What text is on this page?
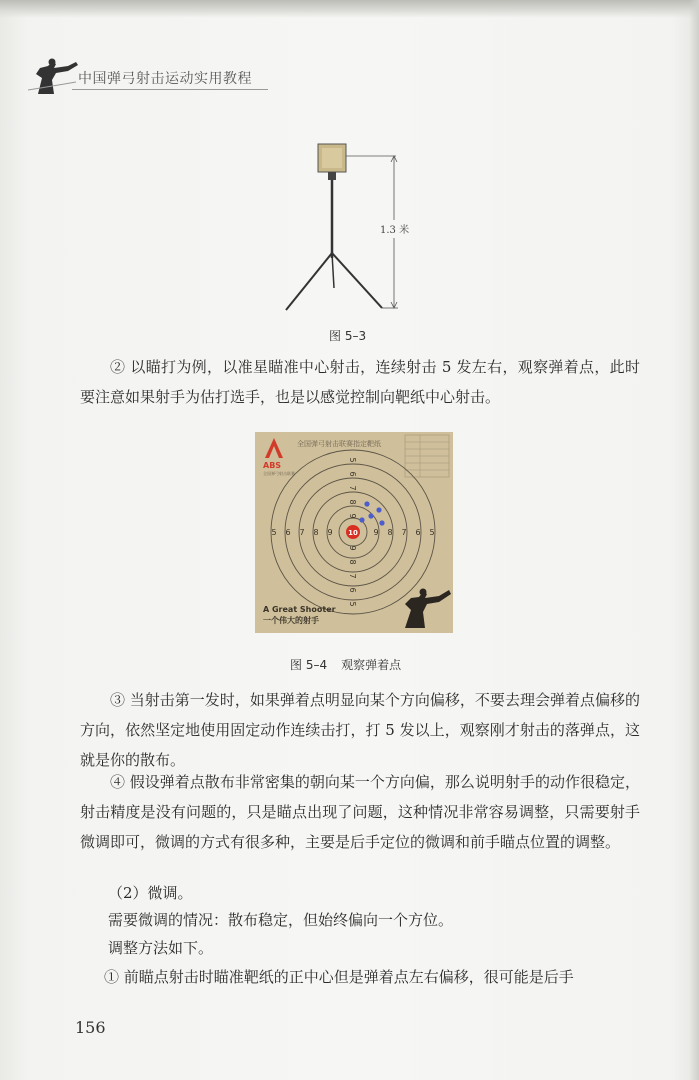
中国弹弓射击运动实用教程
1.3 米
图 5–3
② 以瞄打为例，以准星瞄准中心射击，连续射击 5 发左右，观察弹着点，此时要注意如果射手为估打选手，也是以感觉控制向靶纸中心射击。
ABS
全国弹弓射击联赛
全国弹弓射击联赛指定靶纸
5 6 7 8 9	9 8 7 6 5
5
6
7
8
9
9
8
7
6
5
10
A Great Shooter
一个伟大的射手
图 5–4 观察弹着点
③ 当射击第一发时，如果弹着点明显向某个方向偏移，不要去理会弹着点偏移的方向，依然坚定地使用固定动作连续击打，打 5 发以上，观察刚才射击的落弹点，这就是你的散布。
④ 假设弹着点散布非常密集的朝向某一个方向偏，那么说明射手的动作很稳定，射击精度是没有问题的，只是瞄点出现了问题，这种情况非常容易调整，只需要射手微调即可，微调的方式有很多种，主要是后手定位的微调和前手瞄点位置的调整。
（2）微调。
需要微调的情况：散布稳定，但始终偏向一个方位。
调整方法如下。
① 前瞄点射击时瞄准靶纸的正中心但是弹着点左右偏移，很可能是后手
156
